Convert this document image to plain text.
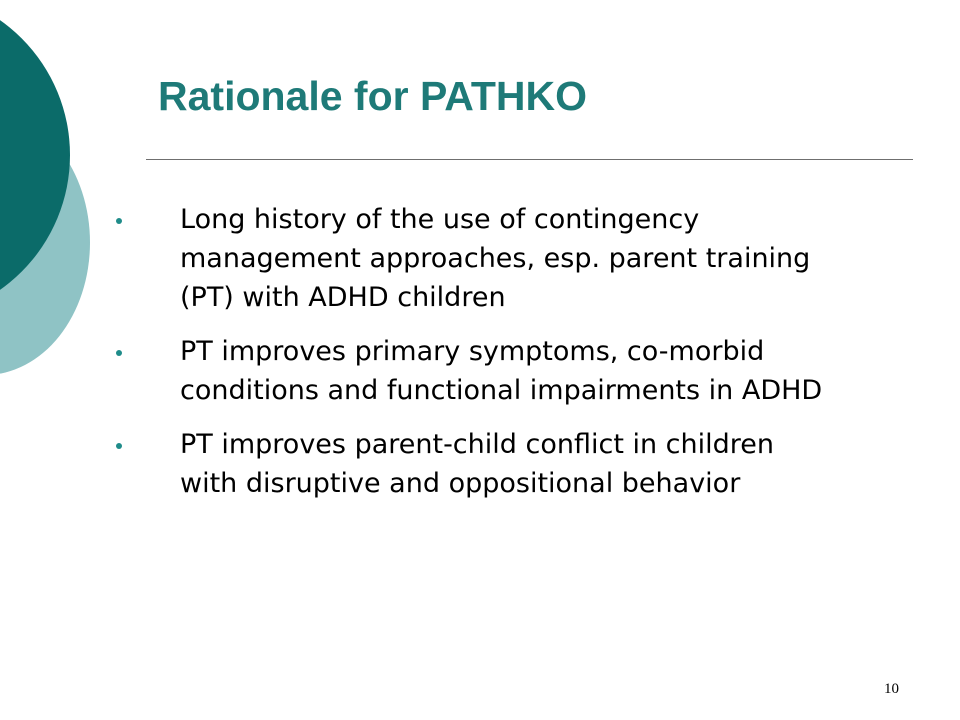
Rationale for PATHKO
Long history of the use of contingency management approaches, esp. parent training (PT) with ADHD children
PT improves primary symptoms, co-morbid conditions and functional impairments in ADHD
PT improves parent-child conflict in children with disruptive and oppositional behavior
10
